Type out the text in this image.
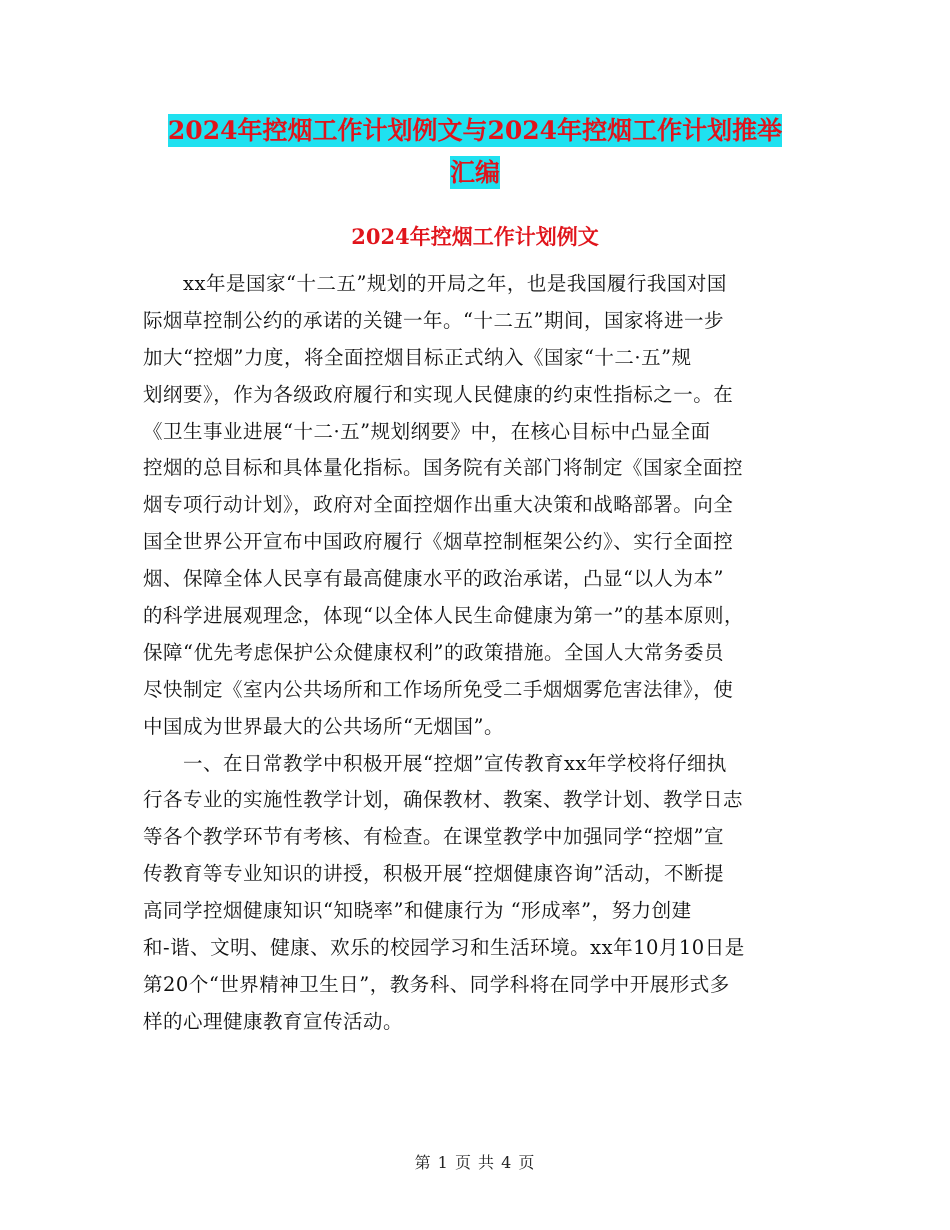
2024年控烟工作计划例文与2024年控烟工作计划推举
汇编
2024年控烟工作计划例文
xx年是国家“十二五”规划的开局之年，也是我国履行我国对国
际烟草控制公约的承诺的关键一年。“十二五”期间，国家将进一步
加大“控烟”力度，将全面控烟目标正式纳入《国家“十二·五”规
划纲要》，作为各级政府履行和实现人民健康的约束性指标之一。在
《卫生事业进展“十二·五”规划纲要》中，在核心目标中凸显全面
控烟的总目标和具体量化指标。国务院有关部门将制定《国家全面控
烟专项行动计划》，政府对全面控烟作出重大决策和战略部署。向全
国全世界公开宣布中国政府履行《烟草控制框架公约》、实行全面控
烟、保障全体人民享有最高健康水平的政治承诺，凸显“以人为本”
的科学进展观理念，体现“以全体人民生命健康为第一”的基本原则，
保障“优先考虑保护公众健康权利”的政策措施。全国人大常务委员
尽快制定《室内公共场所和工作场所免受二手烟烟雾危害法律》，使
中国成为世界最大的公共场所“无烟国”。
一、在日常教学中积极开展“控烟”宣传教育xx年学校将仔细执
行各专业的实施性教学计划，确保教材、教案、教学计划、教学日志
等各个教学环节有考核、有检查。在课堂教学中加强同学“控烟”宣
传教育等专业知识的讲授，积极开展“控烟健康咨询”活动，不断提
高同学控烟健康知识“知晓率”和健康行为 “形成率”，努力创建
和-谐、文明、健康、欢乐的校园学习和生活环境。xx年10月10日是
第20个“世界精神卫生日”，教务科、同学科将在同学中开展形式多
样的心理健康教育宣传活动。
第 1 页 共 4 页
